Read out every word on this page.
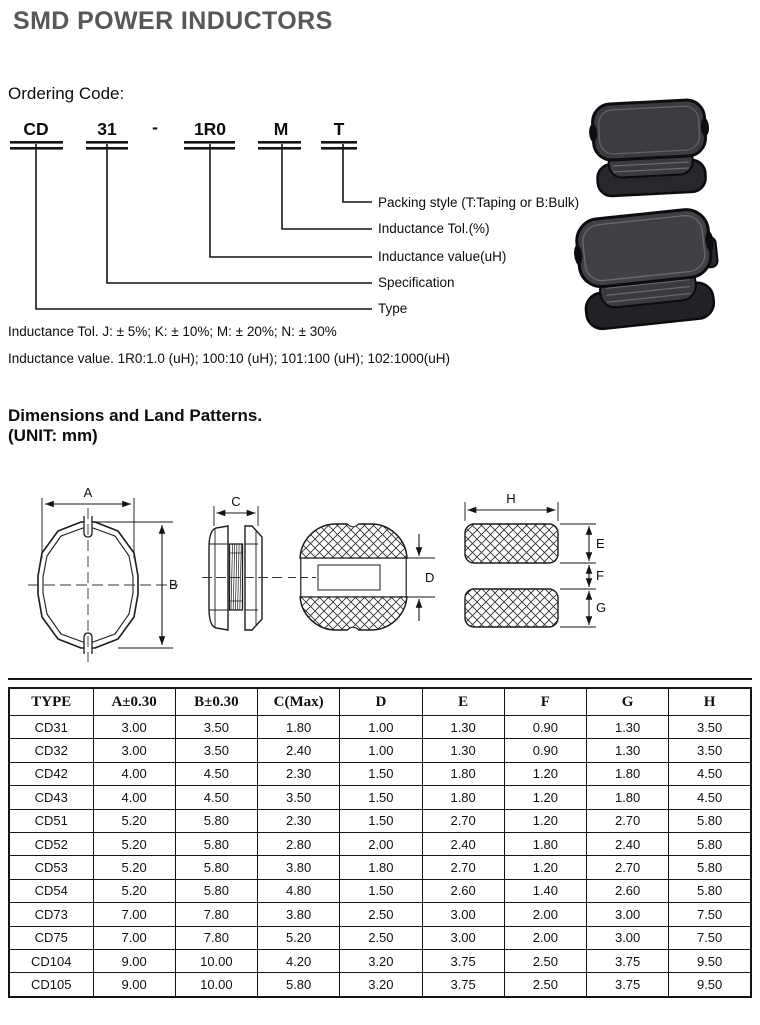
SMD POWER INDUCTORS
Ordering Code:
CD	31 - 1R0	M	T
Packing style (T:Taping or B:Bulk)
Inductance Tol.(%)
Inductance value(uH)
Specification
Type
Inductance Tol. J: ± 5%; K: ± 10%; M: ± 20%; N: ± 30%
Inductance value. 1R0:1.0 (uH); 100:10 (uH); 101:100 (uH); 102:1000(uH)
Dimensions and Land Patterns.
(UNIT: mm)
A
B
C
D
H
E
F
G
TYPE	A±0.30	B±0.30	C(Max)	D	E	F	G	H
CD31	3.00	3.50	1.80	1.00	1.30	0.90	1.30	3.50
CD32	3.00	3.50	2.40	1.00	1.30	0.90	1.30	3.50
CD42	4.00	4.50	2.30	1.50	1.80	1.20	1.80	4.50
CD43	4.00	4.50	3.50	1.50	1.80	1.20	1.80	4.50
CD51	5.20	5.80	2.30	1.50	2.70	1.20	2.70	5.80
CD52	5.20	5.80	2.80	2.00	2.40	1.80	2.40	5.80
CD53	5.20	5.80	3.80	1.80	2.70	1.20	2.70	5.80
CD54	5.20	5.80	4.80	1.50	2.60	1.40	2.60	5.80
CD73	7.00	7.80	3.80	2.50	3.00	2.00	3.00	7.50
CD75	7.00	7.80	5.20	2.50	3.00	2.00	3.00	7.50
CD104	9.00	10.00	4.20	3.20	3.75	2.50	3.75	9.50
CD105	9.00	10.00	5.80	3.20	3.75	2.50	3.75	9.50
